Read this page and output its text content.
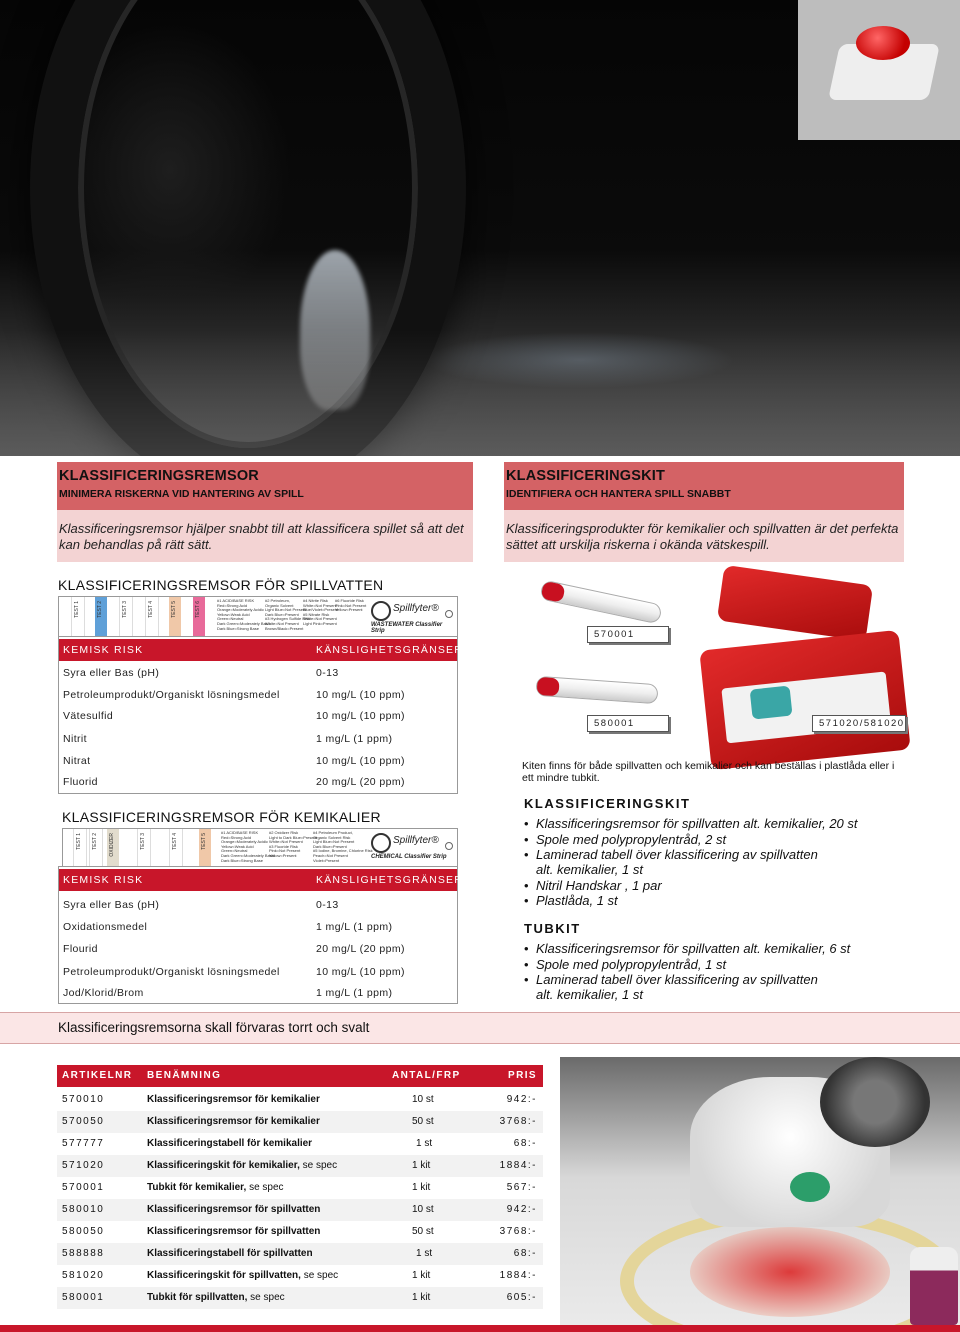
KLASSIFICERINGSREMSOR
MINIMERA RISKERNA VID HANTERING AV SPILL
Klassificeringsremsor hjälper snabbt till att klassificera spillet så att det kan behandlas på rätt sätt.
KLASSIFICERINGSKIT
IDENTIFIERA OCH HANTERA SPILL SNABBT
Klassificeringsprodukter för kemikalier och spillvatten är det perfekta sättet att urskilja riskerna i okända vätskespill.
KLASSIFICERINGSREMSOR FÖR SPILLVATTEN
TEST 1	TEST 2	TEST 3	TEST 4	TEST 5	TEST 6
#1 ACID/BASE RISK
Red=Strong Acid
Orange=Moderately Acidic
Yellow=Weak Acid
Green=Neutral
Dark Green=Moderately Basic
Dark Blue=Strong Base
#2 Petroleum,
Organic Solvent
Light Blue=Not Present
Dark Blue=Present
#3 Hydrogen Sulfide Risk
White=Not Present
Brown/Black=Present
#4 Nitrite Risk
White=Not Present
Blue/Violet=Present
#5 Nitrate Risk
White=Not Present
Light Pink=Present
#6 Fluoride Risk
Pink=Not Present
Yellow=Present	Spillfyter®
WASTEWATER Classifier Strip
KEMISK RISK	KÄNSLIGHETSGRÄNSER
Syra eller Bas (pH)	0-13
Petroleumprodukt/Organiskt lösningsmedel	10 mg/L (10 ppm)
Vätesulfid	10 mg/L (10 ppm)
Nitrit	1 mg/L (1 ppm)
Nitrat	10 mg/L (10 ppm)
Fluorid	20 mg/L (20 ppm)
KLASSIFICERINGSREMSOR FÖR KEMIKALIER
TEST 1 TEST 2 OXIDIZER	TEST 3	TEST 4	TEST 5
#1 ACID/BASE RISK
Red=Strong Acid
Orange=Moderately Acidic
Yellow=Weak Acid
Green=Neutral
Dark Green=Moderately Basic
Dark Blue=Strong Base
#2 Oxidizer Risk
Light to Dark Blue=Present
White=Not Present
#3 Fluoride Risk
Pink=Not Present
Yellow=Present
#4 Petroleum Product,
Organic Solvent Risk
Light Blue=Not Present
Dark Blue=Present
#5 Iodine, Bromine, Chlorine Risk
Peach=Not Present
Violet=Present
Spillfyter®
CHEMICAL Classifier Strip
KEMISK RISK	KÄNSLIGHETSGRÄNSER
Syra eller Bas (pH)	0-13
Oxidationsmedel	1 mg/L (1 ppm)
Flourid	20 mg/L (20 ppm)
Petroleumprodukt/Organiskt lösningsmedel	10 mg/L (10 ppm)
Jod/Klorid/Brom	1 mg/L (1 ppm)
570001
580001	571020/581020
Kiten finns för både spillvatten och kemikalier och kan beställas i plastlåda eller i ett mindre tubkit.
KLASSIFICERINGSKIT
• Klassificeringsremsor för spillvatten alt. kemikalier, 20 st
• Spole med polypropylentråd, 2 st
• Laminerad tabell över klassificering av spillvatten
alt. kemikalier, 1 st
• Nitril Handskar , 1 par
• Plastlåda, 1 st
TUBKIT
• Klassificeringsremsor för spillvatten alt. kemikalier, 6 st
• Spole med polypropylentråd, 1 st
• Laminerad tabell över klassificering av spillvatten
alt. kemikalier, 1 st
Klassificeringsremsorna skall förvaras torrt och svalt
ARTIKELNR BENÄMNING	ANTAL/FRP	PRIS
570010	Klassificeringsremsor för kemikalier	10 st	942:-
570050	Klassificeringsremsor för kemikalier	50 st	3768:-
577777	Klassificeringstabell för kemikalier	1 st	68:-
571020	Klassificeringskit för kemikalier, se spec	1 kit	1884:-
570001	Tubkit för kemikalier, se spec	1 kit	567:-
580010	Klassificeringsremsor för spillvatten	10 st	942:-
580050	Klassificeringsremsor för spillvatten	50 st	3768:-
588888	Klassificeringstabell för spillvatten	1 st	68:-
581020	Klassificeringskit för spillvatten, se spec	1 kit	1884:-
580001	Tubkit för spillvatten, se spec	1 kit	605:-
